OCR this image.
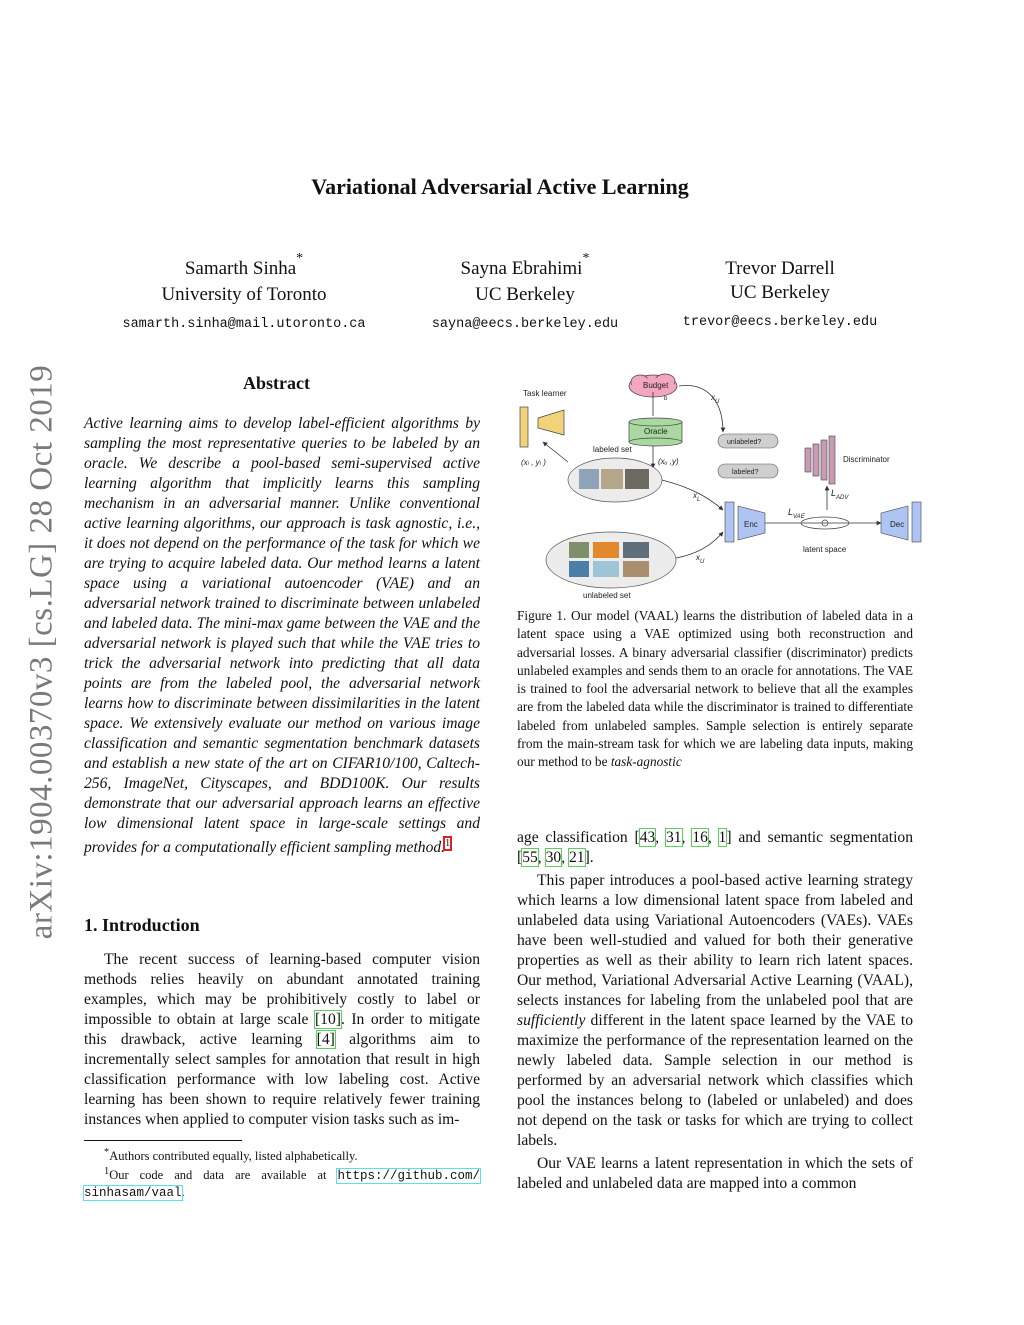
Variational Adversarial Active Learning
Samarth Sinha*
University of Toronto
samarth.sinha@mail.utoronto.ca
Sayna Ebrahimi*
UC Berkeley
sayna@eecs.berkeley.edu
Trevor Darrell
UC Berkeley
trevor@eecs.berkeley.edu
arXiv:1904.00370v3 [cs.LG] 28 Oct 2019	Abstract
Active learning aims to develop label-efficient algorithms by sampling the most representative queries to be labeled by an oracle. We describe a pool-based semi-supervised active learning algorithm that implicitly learns this sampling mechanism in an adversarial manner. Unlike conventional active learning algorithms, our approach is task agnostic, i.e., it does not depend on the performance of the task for which we are trying to acquire labeled data. Our method learns a latent space using a variational autoencoder (VAE) and an adversarial network trained to discriminate between unlabeled and labeled data. The mini-max game between the VAE and the adversarial network is played such that while the VAE tries to trick the adversarial network into predicting that all data points are from the labeled pool, the adversarial network learns how to discriminate between dissimilarities in the latent space. We extensively evaluate our method on various image classification and semantic segmentation benchmark datasets and establish a new state of the art on CIFAR10/100, Caltech-256, ImageNet, Cityscapes, and BDD100K. Our results demonstrate that our adversarial approach learns an effective low dimensional latent space in large-scale settings and provides for a computationally efficient sampling method.$^1$
1. Introduction

The recent success of learning-based computer vision methods relies heavily on abundant annotated training examples, which may be prohibitively costly to label or impossible to obtain at large scale [10]. In order to mitigate this drawback, active learning [4] algorithms aim to incrementally select samples for annotation that result in high classification performance with low labeling cost. Active learning has been shown to require relatively fewer training instances when applied to computer vision tasks such as im-

*Authors contributed equally, listed alphabetically.
$^1$Our code and data are available at https://github.com/ sinhasam/vaal.
Task learner
(xₗ , yₗ )
Budget
b	$x_U$
Oracle
(xᵤ ,y)
labeled set
unlabeled?
labeled?
Discriminator
$L_{ADV}$
Enc	Dec
$L_{VAE}$
latent space
$x_L$
unlabeled set
$x_U$
Figure 1. Our model (VAAL) learns the distribution of labeled data in a latent space using a VAE optimized using both reconstruction and adversarial losses. A binary adversarial classifier (discriminator) predicts unlabeled examples and sends them to an oracle for annotations. The VAE is trained to fool the adversarial network to believe that all the examples are from the labeled data while the discriminator is trained to differentiate labeled from unlabeled samples. Sample selection is entirely separate from the main-stream task for which we are labeling data inputs, making our method to be task-agnostic

age classification [43, 31, 16, 1] and semantic segmentation [55, 30, 21].

This paper introduces a pool-based active learning strategy which learns a low dimensional latent space from labeled and unlabeled data using Variational Autoencoders (VAEs). VAEs have been well-studied and valued for both their generative properties as well as their ability to learn rich latent spaces. Our method, Variational Adversarial Active Learning (VAAL), selects instances for labeling from the unlabeled pool that are sufficiently different in the latent space learned by the VAE to maximize the performance of the representation learned on the newly labeled data. Sample selection in our method is performed by an adversarial network which classifies which pool the instances belong to (labeled or unlabeled) and does not depend on the task or tasks for which are trying to collect labels.

Our VAE learns a latent representation in which the sets of labeled and unlabeled data are mapped into a common
